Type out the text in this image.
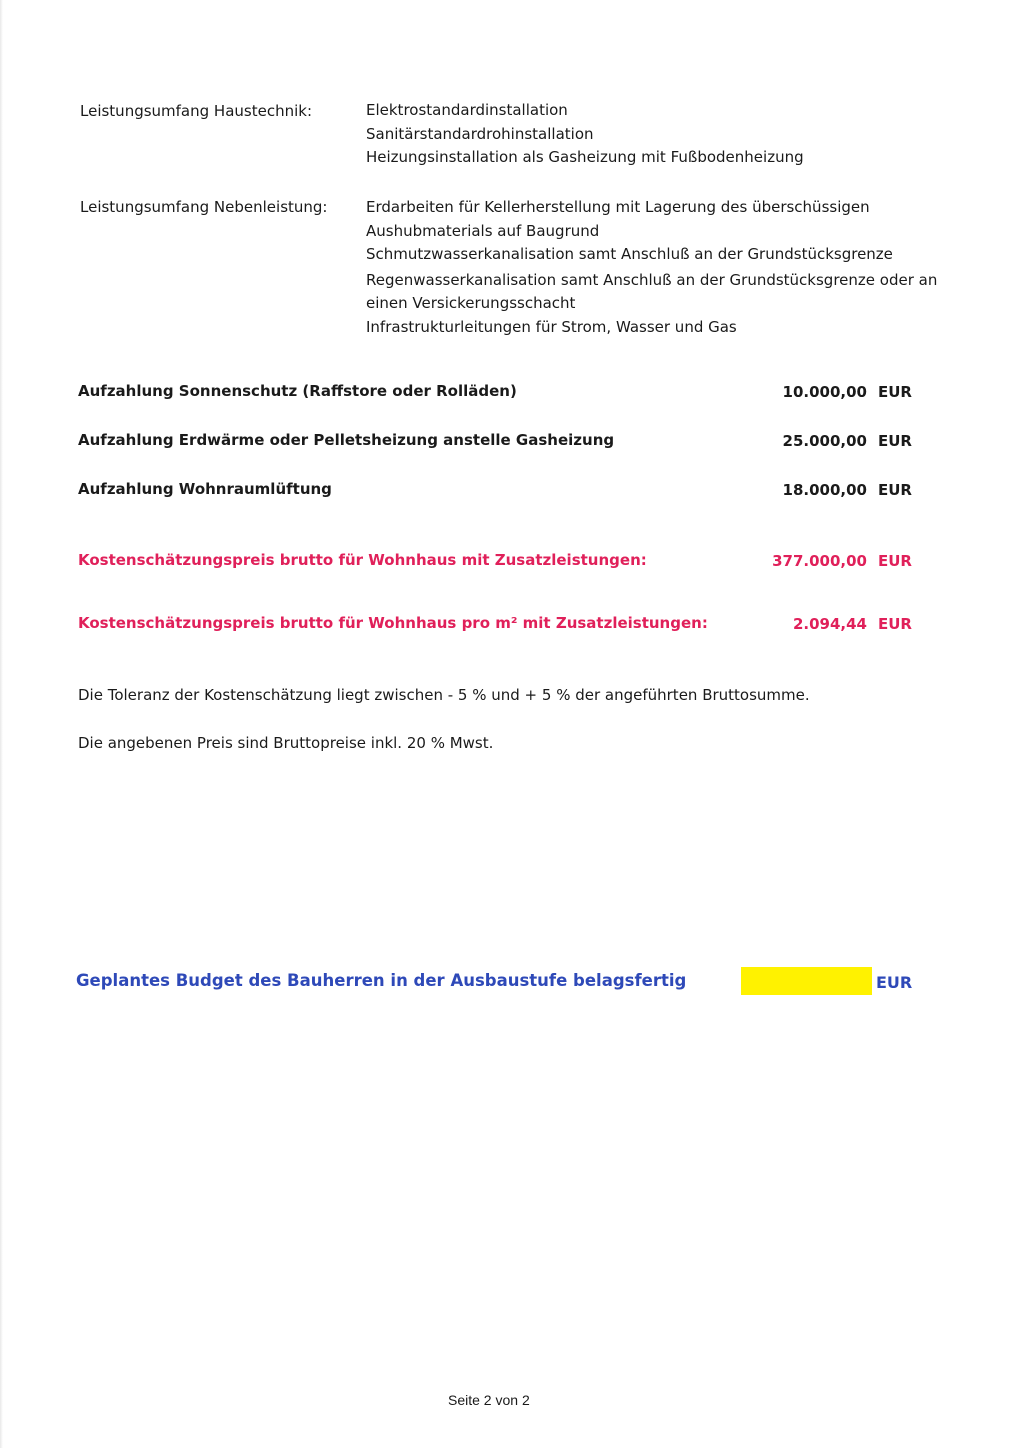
Leistungsumfang Haustechnik:	Elektrostandardinstallation
Sanitärstandardrohinstallation
Heizungsinstallation als Gasheizung mit Fußbodenheizung
Leistungsumfang Nebenleistung:	Erdarbeiten für Kellerherstellung mit Lagerung des überschüssigen
Aushubmaterials auf Baugrund
Schmutzwasserkanalisation samt Anschluß an der Grundstücksgrenze
Regenwasserkanalisation samt Anschluß an der Grundstücksgrenze oder an
einen Versickerungsschacht
Infrastrukturleitungen für Strom, Wasser und Gas
Aufzahlung Sonnenschutz (Raffstore oder Rolläden)	10.000,00 EUR
Aufzahlung Erdwärme oder Pelletsheizung anstelle Gasheizung	25.000,00 EUR
Aufzahlung Wohnraumlüftung	18.000,00 EUR
Kostenschätzungspreis brutto für Wohnhaus mit Zusatzleistungen:	377.000,00 EUR
Kostenschätzungspreis brutto für Wohnhaus pro m² mit Zusatzleistungen:	2.094,44 EUR
Die Toleranz der Kostenschätzung liegt zwischen - 5 % und + 5 % der angeführten Bruttosumme.
Die angebenen Preis sind Bruttopreise inkl. 20 % Mwst.
Geplantes Budget des Bauherren in der Ausbaustufe belagsfertig	EUR
Seite 2 von 2
